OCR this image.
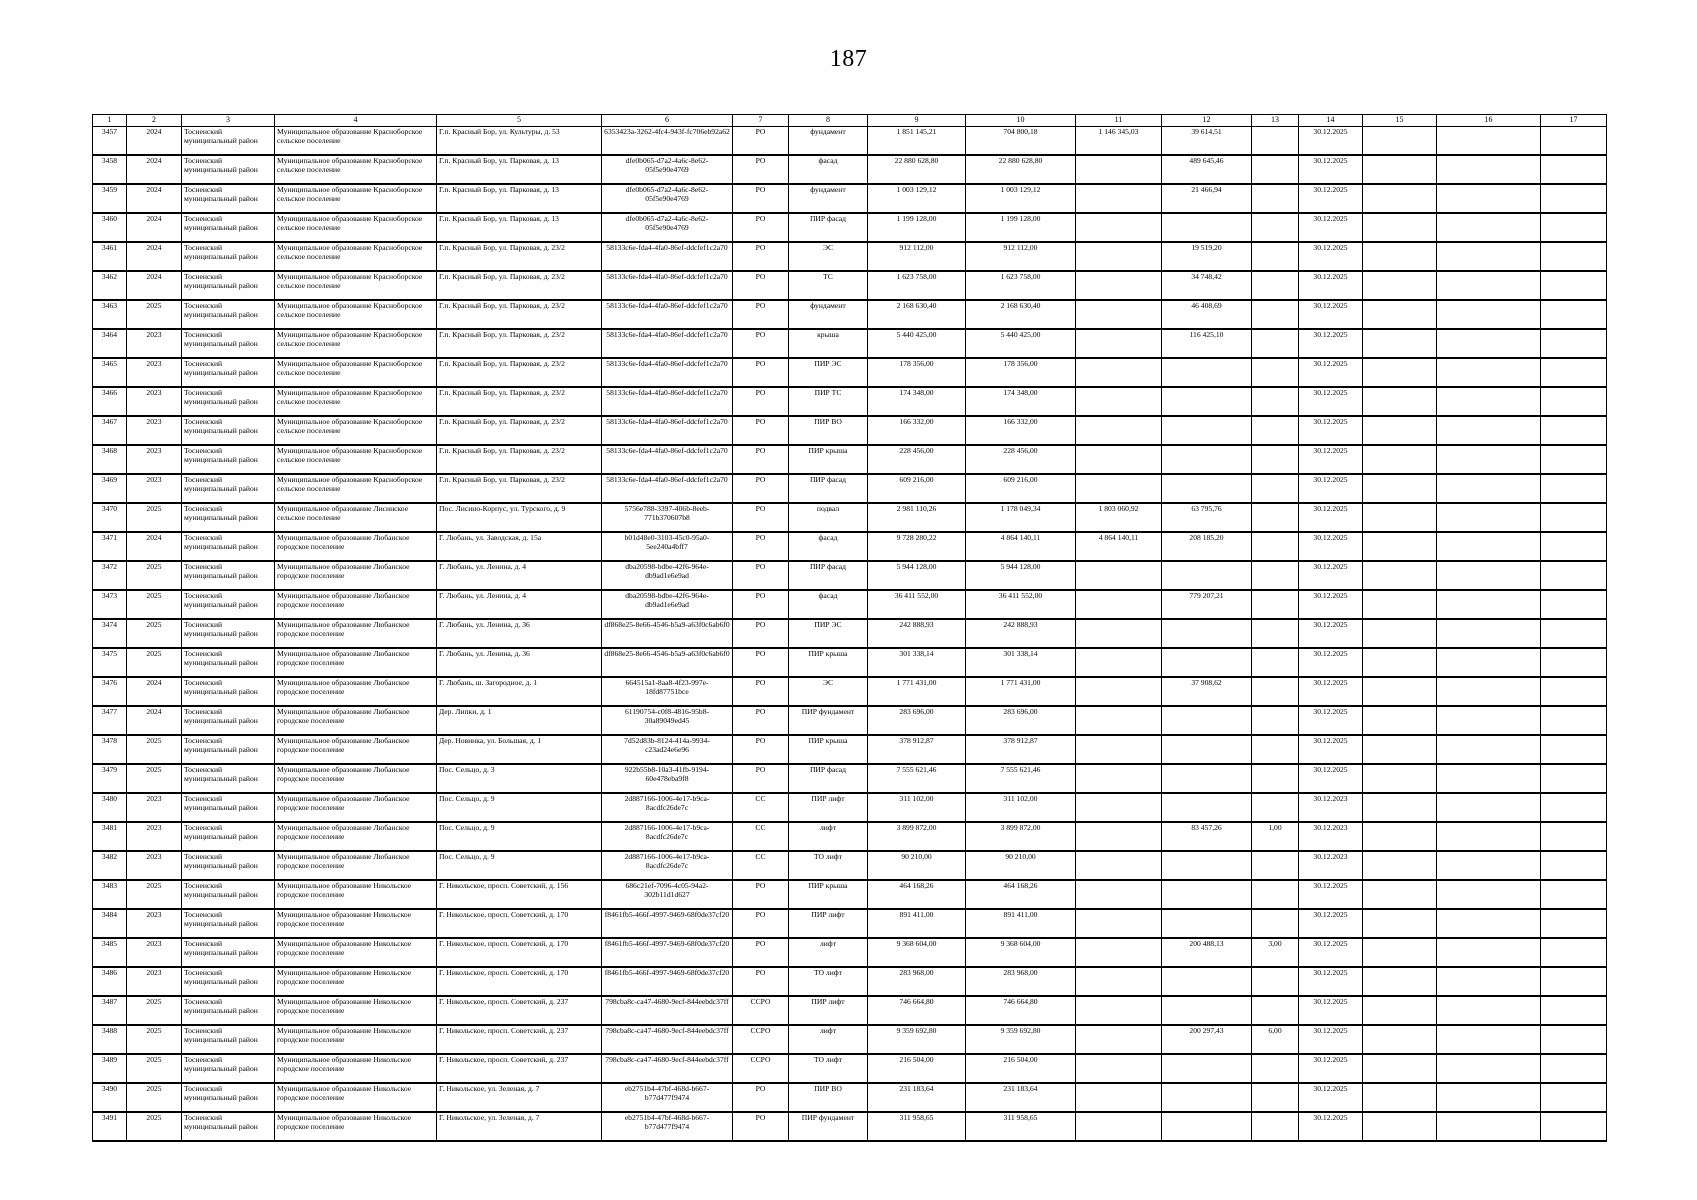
187
1	2	3	4	5	6	7	8	9	10	11	12	13	14	15	16	17
3457	2024	Тосненский муниципальный район	Муниципальное образование Красноборское сельское поселение	Г.п. Красный Бор, ул. Культуры, д. 53	6353423a-3262-4fc4-943f-fc706eb92a62	РО	фундамент	1 851 145,21	704 800,18	1 146 345,03	39 614,51		30.12.2025			
3458	2024	Тосненский муниципальный район	Муниципальное образование Красноборское сельское поселение	Г.п. Красный Бор, ул. Парковая, д. 13	dfe0b065-d7a2-4a6c-8e62-05f5e90e4769	РО	фасад	22 880 628,80	22 880 628,80		489 645,46		30.12.2025			
3459	2024	Тосненский муниципальный район	Муниципальное образование Красноборское сельское поселение	Г.п. Красный Бор, ул. Парковая, д. 13	dfe0b065-d7a2-4a6c-8e62-05f5e90e4769	РО	фундамент	1 003 129,12	1 003 129,12		21 466,94		30.12.2025			
3460	2024	Тосненский муниципальный район	Муниципальное образование Красноборское сельское поселение	Г.п. Красный Бор, ул. Парковая, д. 13	dfe0b065-d7a2-4a6c-8e62-05f5e90e4769	РО	ПИР фасад	1 199 128,00	1 199 128,00				30.12.2025			
3461	2024	Тосненский муниципальный район	Муниципальное образование Красноборское сельское поселение	Г.п. Красный Бор, ул. Парковая, д. 23/2	58133c6e-fda4-4fa0-86ef-ddcfef1c2a70	РО	ЭС	912 112,00	912 112,00		19 519,20		30.12.2025			
3462	2024	Тосненский муниципальный район	Муниципальное образование Красноборское сельское поселение	Г.п. Красный Бор, ул. Парковая, д. 23/2	58133c6e-fda4-4fa0-86ef-ddcfef1c2a70	РО	ТС	1 623 758,00	1 623 758,00		34 748,42		30.12.2025			
3463	2025	Тосненский муниципальный район	Муниципальное образование Красноборское сельское поселение	Г.п. Красный Бор, ул. Парковая, д. 23/2	58133c6e-fda4-4fa0-86ef-ddcfef1c2a70	РО	фундамент	2 168 630,40	2 168 630,40		46 408,69		30.12.2025			
3464	2023	Тосненский муниципальный район	Муниципальное образование Красноборское сельское поселение	Г.п. Красный Бор, ул. Парковая, д. 23/2	58133c6e-fda4-4fa0-86ef-ddcfef1c2a70	РО	крыша	5 440 425,00	5 440 425,00		116 425,10		30.12.2025			
3465	2023	Тосненский муниципальный район	Муниципальное образование Красноборское сельское поселение	Г.п. Красный Бор, ул. Парковая, д. 23/2	58133c6e-fda4-4fa0-86ef-ddcfef1c2a70	РО	ПИР ЭС	178 356,00	178 356,00				30.12.2025			
3466	2023	Тосненский муниципальный район	Муниципальное образование Красноборское сельское поселение	Г.п. Красный Бор, ул. Парковая, д. 23/2	58133c6e-fda4-4fa0-86ef-ddcfef1c2a70	РО	ПИР ТС	174 348,00	174 348,00				30.12.2025			
3467	2023	Тосненский муниципальный район	Муниципальное образование Красноборское сельское поселение	Г.п. Красный Бор, ул. Парковая, д. 23/2	58133c6e-fda4-4fa0-86ef-ddcfef1c2a70	РО	ПИР ВО	166 332,00	166 332,00				30.12.2025			
3468	2023	Тосненский муниципальный район	Муниципальное образование Красноборское сельское поселение	Г.п. Красный Бор, ул. Парковая, д. 23/2	58133c6e-fda4-4fa0-86ef-ddcfef1c2a70	РО	ПИР крыша	228 456,00	228 456,00				30.12.2025			
3469	2023	Тосненский муниципальный район	Муниципальное образование Красноборское сельское поселение	Г.п. Красный Бор, ул. Парковая, д. 23/2	58133c6e-fda4-4fa0-86ef-ddcfef1c2a70	РО	ПИР фасад	609 216,00	609 216,00				30.12.2025			
3470	2025	Тосненский муниципальный район	Муниципальное образование Лисинское сельское поселение	Пос. Лисино-Корпус, ул. Турского, д. 9	5756e788-3397-406b-8eeb-771b370607b8	РО	подвал	2 981 110,26	1 178 049,34	1 803 060,92	63 795,76		30.12.2025			
3471	2024	Тосненский муниципальный район	Муниципальное образование Любанское городское поселение	Г. Любань, ул. Заводская, д. 15а	b01d48e0-3103-45c0-95a0-5ee240a4bff7	РО	фасад	9 728 280,22	4 864 140,11	4 864 140,11	208 185,20		30.12.2025			
3472	2025	Тосненский муниципальный район	Муниципальное образование Любанское городское поселение	Г. Любань, ул. Ленина, д. 4	dba20598-bdbe-42f6-964e-db9ad1e6e9ad	РО	ПИР фасад	5 944 128,00	5 944 128,00				30.12.2025			
3473	2025	Тосненский муниципальный район	Муниципальное образование Любанское городское поселение	Г. Любань, ул. Ленина, д. 4	dba20598-bdbe-42f6-964e-db9ad1e6e9ad	РО	фасад	36 411 552,00	36 411 552,00		779 207,21		30.12.2025			
3474	2025	Тосненский муниципальный район	Муниципальное образование Любанское городское поселение	Г. Любань, ул. Ленина, д. 36	df868e25-8e66-4546-b5a9-a63f0c6ab6f0	РО	ПИР ЭС	242 888,93	242 888,93				30.12.2025			
3475	2025	Тосненский муниципальный район	Муниципальное образование Любанское городское поселение	Г. Любань, ул. Ленина, д. 36	df868e25-8e66-4546-b5a9-a63f0c6ab6f0	РО	ПИР крыша	301 338,14	301 338,14				30.12.2025			
3476	2024	Тосненский муниципальный район	Муниципальное образование Любанское городское поселение	Г. Любань, ш. Загородное, д. 1	664515a1-8aa8-4f23-997e-18fd87751bce	РО	ЭС	1 771 431,00	1 771 431,00		37 908,62		30.12.2025			
3477	2024	Тосненский муниципальный район	Муниципальное образование Любанское городское поселение	Дер. Липки, д. 1	61190754-c0f8-4816-95b8-30a89049ed45	РО	ПИР фундамент	283 696,00	283 696,00				30.12.2025			
3478	2025	Тосненский муниципальный район	Муниципальное образование Любанское городское поселение	Дер. Новинка, ул. Большая, д. 1	7d52d83b-8124-414a-9934-c23ad24e6e96	РО	ПИР крыша	378 912,87	378 912,87				30.12.2025			
3479	2025	Тосненский муниципальный район	Муниципальное образование Любанское городское поселение	Пос. Сельцо, д. 3	922b55b8-10a3-41fb-9194-60e478eba9f8	РО	ПИР фасад	7 555 621,46	7 555 621,46				30.12.2025			
3480	2023	Тосненский муниципальный район	Муниципальное образование Любанское городское поселение	Пос. Сельцо, д. 9	2d887166-1006-4e17-b9ca-8acdfc26de7c	СС	ПИР лифт	311 102,00	311 102,00				30.12.2023			
3481	2023	Тосненский муниципальный район	Муниципальное образование Любанское городское поселение	Пос. Сельцо, д. 9	2d887166-1006-4e17-b9ca-8acdfc26de7c	СС	лифт	3 899 872,00	3 899 872,00		83 457,26	1,00	30.12.2023			
3482	2023	Тосненский муниципальный район	Муниципальное образование Любанское городское поселение	Пос. Сельцо, д. 9	2d887166-1006-4e17-b9ca-8acdfc26de7c	СС	ТО лифт	90 210,00	90 210,00				30.12.2023			
3483	2025	Тосненский муниципальный район	Муниципальное образование Никольское городское поселение	Г. Никольское, просп. Советский, д. 156	686c21ef-7096-4c05-94a2-302b11d1d627	РО	ПИР крыша	464 168,26	464 168,26				30.12.2025			
3484	2023	Тосненский муниципальный район	Муниципальное образование Никольское городское поселение	Г. Никольское, просп. Советский, д. 170	f8461fb5-466f-4997-9469-68f0de37cf20	РО	ПИР лифт	891 411,00	891 411,00				30.12.2025			
3485	2023	Тосненский муниципальный район	Муниципальное образование Никольское городское поселение	Г. Никольское, просп. Советский, д. 170	f8461fb5-466f-4997-9469-68f0de37cf20	РО	лифт	9 368 604,00	9 368 604,00		200 488,13	3,00	30.12.2025			
3486	2023	Тосненский муниципальный район	Муниципальное образование Никольское городское поселение	Г. Никольское, просп. Советский, д. 170	f8461fb5-466f-4997-9469-68f0de37cf20	РО	ТО лифт	283 968,00	283 968,00				30.12.2025			
3487	2025	Тосненский муниципальный район	Муниципальное образование Никольское городское поселение	Г. Никольское, просп. Советский, д. 237	798cba8c-ca47-4680-9ecf-844eebdc37ff	ССРО	ПИР лифт	746 664,80	746 664,80				30.12.2025			
3488	2025	Тосненский муниципальный район	Муниципальное образование Никольское городское поселение	Г. Никольское, просп. Советский, д. 237	798cba8c-ca47-4680-9ecf-844eebdc37ff	ССРО	лифт	9 359 692,80	9 359 692,80		200 297,43	6,00	30.12.2025			
3489	2025	Тосненский муниципальный район	Муниципальное образование Никольское городское поселение	Г. Никольское, просп. Советский, д. 237	798cba8c-ca47-4680-9ecf-844eebdc37ff	ССРО	ТО лифт	216 504,00	216 504,00				30.12.2025			
3490	2025	Тосненский муниципальный район	Муниципальное образование Никольское городское поселение	Г. Никольское, ул. Зеленая, д. 7	eb2751b4-47bf-468d-b667-b77d477f9474	РО	ПИР ВО	231 183,64	231 183,64				30.12.2025			
3491	2025	Тосненский муниципальный район	Муниципальное образование Никольское городское поселение	Г. Никольское, ул. Зеленая, д. 7	eb2751b4-47bf-468d-b667-b77d477f9474	РО	ПИР фундамент	311 958,65	311 958,65				30.12.2025			
